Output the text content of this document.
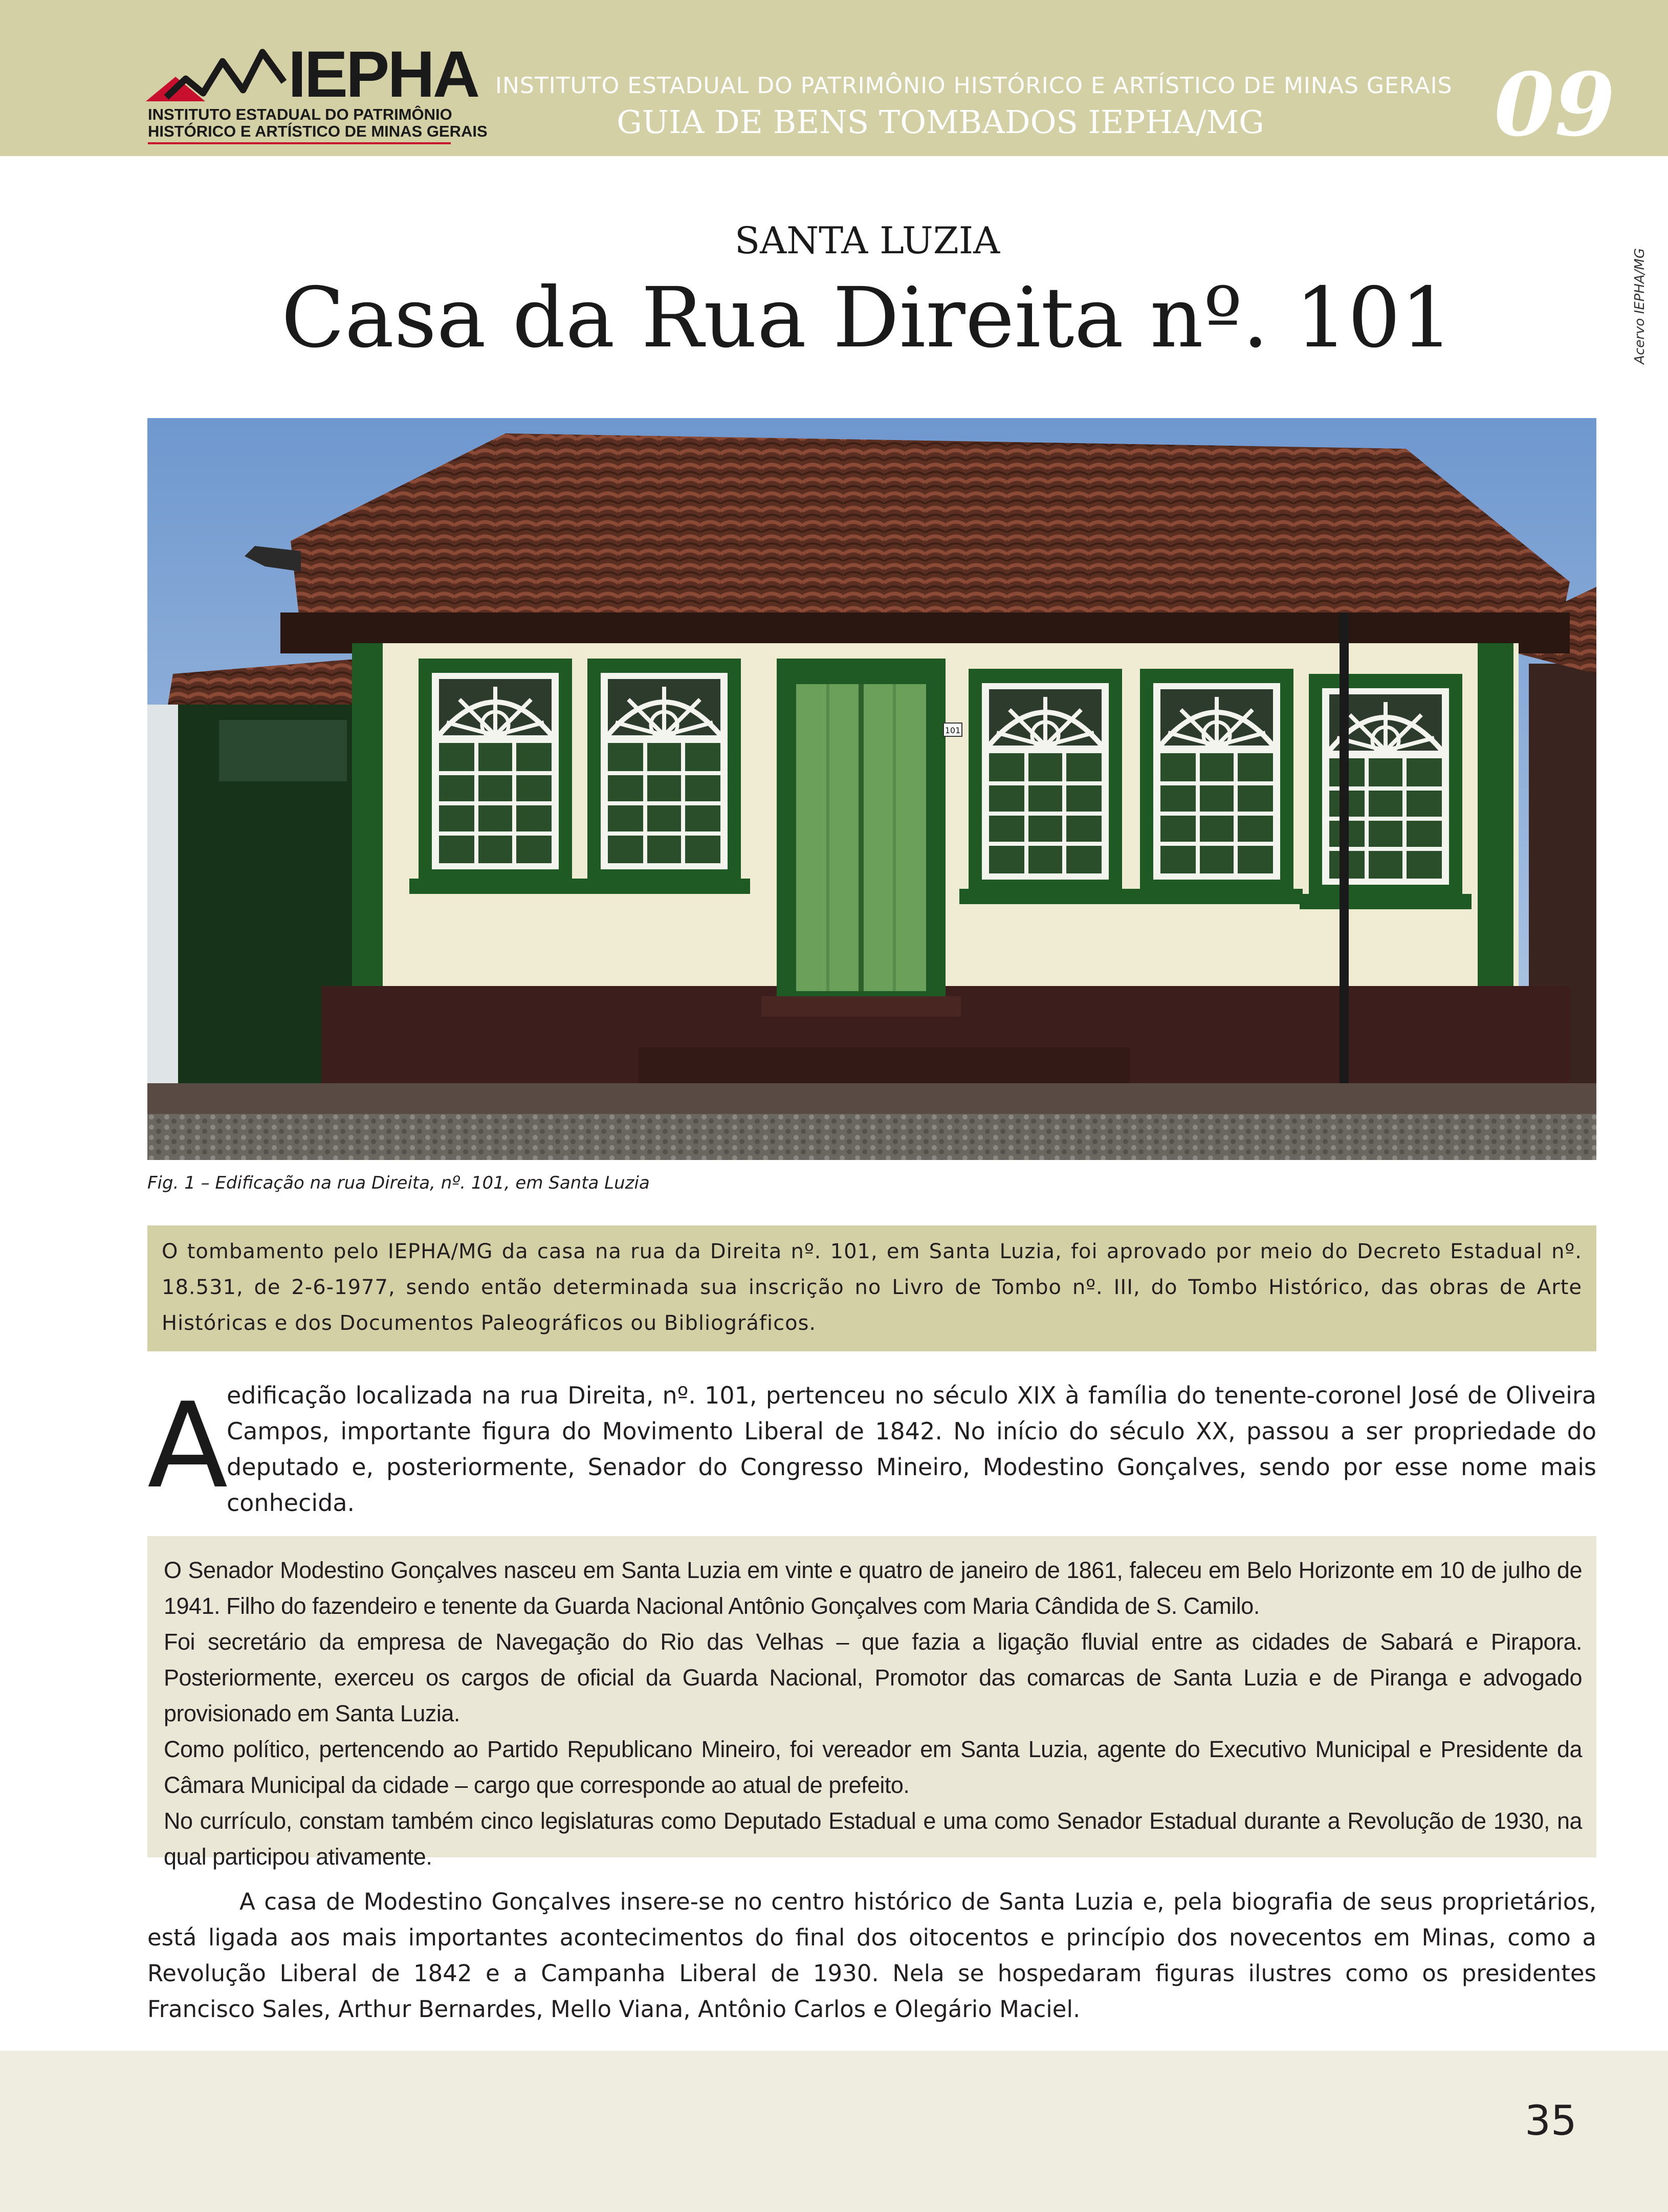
IEPHA
INSTITUTO ESTADUAL DO PATRIMÔNIO
HISTÓRICO E ARTÍSTICO DE MINAS GERAIS
INSTITUTO ESTADUAL DO PATRIMÔNIO HISTÓRICO E ARTÍSTICO DE MINAS GERAIS
GUIA DE BENS TOMBADOS IEPHA/MG	09
SANTA LUZIA
Casa da Rua Direita nº. 101	Acervo IEPHA/MG
101
Fig. 1 – Edificação na rua Direita, nº. 101, em Santa Luzia
O tombamento pelo IEPHA/MG da casa na rua da Direita nº. 101, em Santa Luzia, foi aprovado por meio do Decreto Estadual nº. 18.531, de 2-6-1977, sendo então determinada sua inscrição no Livro de Tombo nº. III, do Tombo Histórico, das obras de Arte Históricas e dos Documentos Paleográficos ou Bibliográficos.
A
edificação localizada na rua Direita, nº. 101, pertenceu no século XIX à família do tenente-coronel José de Oliveira Campos, importante figura do Movimento Liberal de 1842. No início do século XX, passou a ser propriedade do deputado e, posteriormente, Senador do Congresso Mineiro, Modestino Gonçalves, sendo por esse nome mais conhecida.

O Senador Modestino Gonçalves nasceu em Santa Luzia em vinte e quatro de janeiro de 1861, faleceu em Belo Horizonte em 10 de julho de 1941. Filho do fazendeiro e tenente da Guarda Nacional Antônio Gonçalves com Maria Cândida de S. Camilo.

Foi secretário da empresa de Navegação do Rio das Velhas – que fazia a ligação fluvial entre as cidades de Sabará e Pirapora. Posteriormente, exerceu os cargos de oficial da Guarda Nacional, Promotor das comarcas de Santa Luzia e de Piranga e advogado provisionado em Santa Luzia.

Como político, pertencendo ao Partido Republicano Mineiro, foi vereador em Santa Luzia, agente do Executivo Municipal e Presidente da Câmara Municipal da cidade – cargo que corresponde ao atual de prefeito.

No currículo, constam também cinco legislaturas como Deputado Estadual e uma como Senador Estadual durante a Revolução de 1930, na qual participou ativamente.

A casa de Modestino Gonçalves insere-se no centro histórico de Santa Luzia e, pela biografia de seus proprietários, está ligada aos mais importantes acontecimentos do final dos oitocentos e princípio dos novecentos em Minas, como a Revolução Liberal de 1842 e a Campanha Liberal de 1930. Nela se hospedaram figuras ilustres como os presidentes Francisco Sales, Arthur Bernardes, Mello Viana, Antônio Carlos e Olegário Maciel.
35
